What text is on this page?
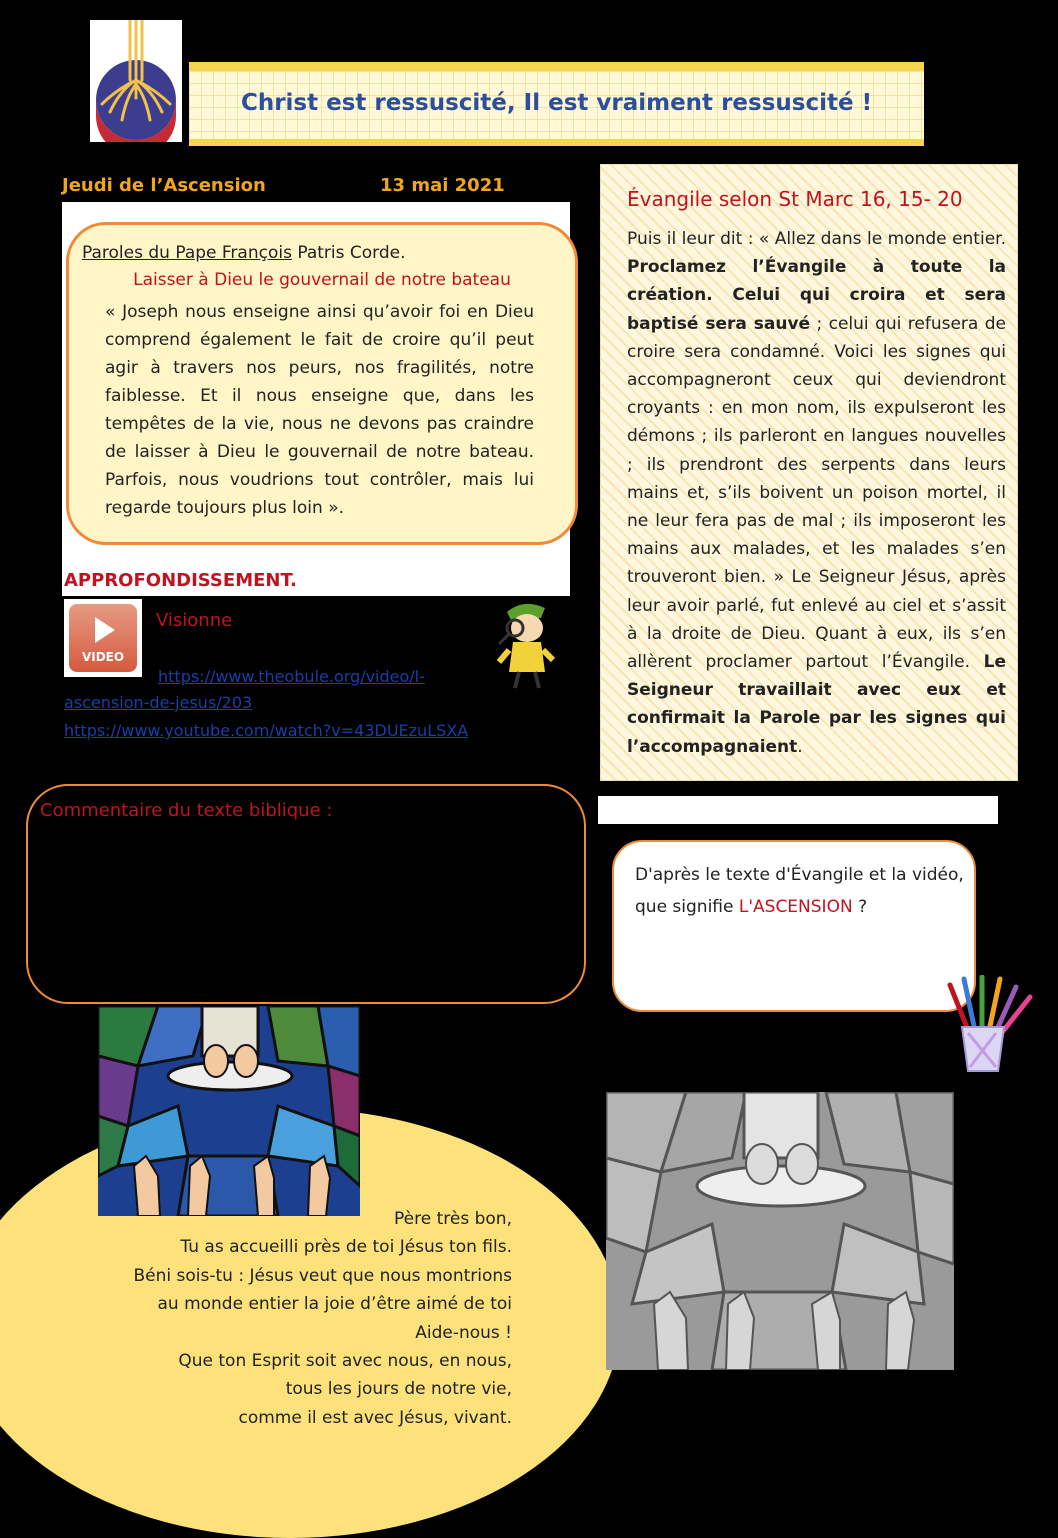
Christ est ressuscité, Il est vraiment ressuscité !
Jeudi de l’Ascension	13 mai 2021
Paroles du Pape François Patris Corde.
Laisser à Dieu le gouvernail de notre bateau
« Joseph nous enseigne ainsi qu’avoir foi en Dieu comprend également le fait de croire qu’il peut agir à travers nos peurs, nos fragilités, notre faiblesse. Et il nous enseigne que, dans les tempêtes de la vie, nous ne devons pas craindre de laisser à Dieu le gouvernail de notre bateau. Parfois, nous voudrions tout contrôler, mais lui regarde toujours plus loin ».
APPROFONDISSEMENT.
VIDEO
Visionne
https://www.theobule.org/video/l-
ascension-de-jesus/203
https://www.youtube.com/watch?v=43DUEzuLSXA
Évangile selon St Marc 16, 15- 20
Puis il leur dit : « Allez dans le monde entier. Proclamez l’Évangile à toute la création. Celui qui croira et sera baptisé sera sauvé ; celui qui refusera de croire sera condamné. Voici les signes qui accompagneront ceux qui deviendront croyants : en mon nom, ils expulseront les démons ; ils parleront en langues nouvelles ; ils prendront des serpents dans leurs mains et, s’ils boivent un poison mortel, il ne leur fera pas de mal ; ils imposeront les mains aux malades, et les malades s’en trouveront bien. » Le Seigneur Jésus, après leur avoir parlé, fut enlevé au ciel et s’assit à la droite de Dieu. Quant à eux, ils s’en allèrent proclamer partout l’Évangile. Le Seigneur travaillait avec eux et confirmait la Parole par les signes qui l’accompagnaient.
Commentaire du texte biblique :
D'après le texte d'Évangile et la vidéo, que signifie L'ASCENSION ?
Père très bon,
Tu as accueilli près de toi Jésus ton fils.
Béni sois-tu : Jésus veut que nous montrions
au monde entier la joie d’être aimé de toi
Aide-nous !
Que ton Esprit soit avec nous, en nous,
tous les jours de notre vie,
comme il est avec Jésus, vivant.
